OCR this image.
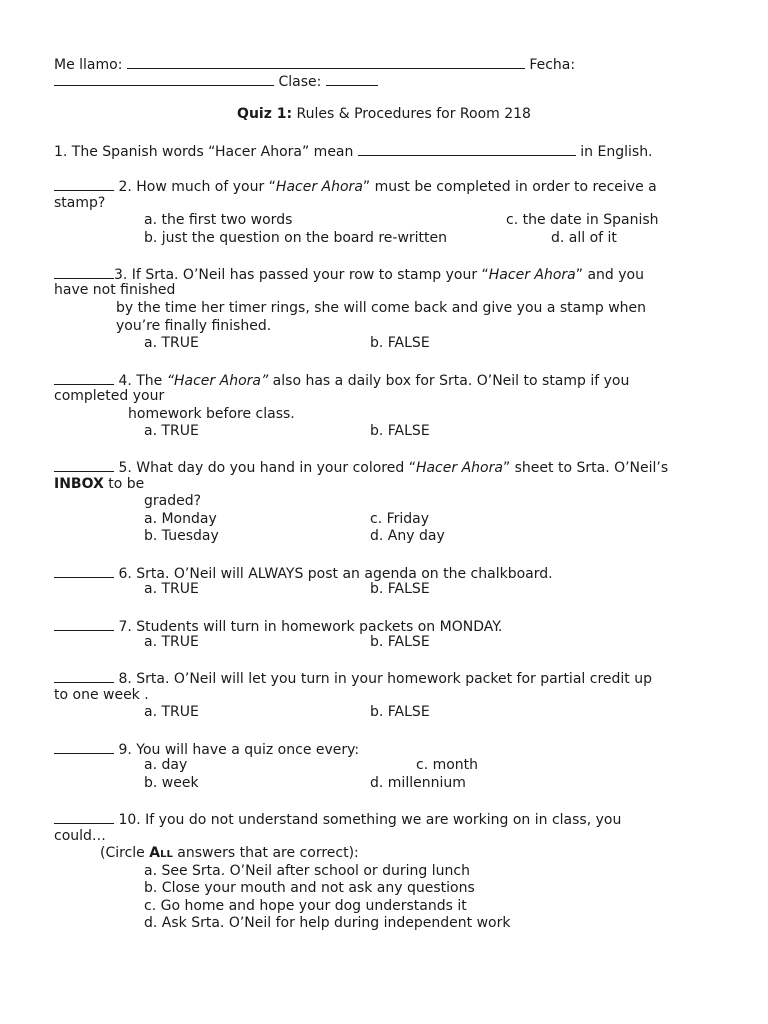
Me llamo:	Fecha:
Clase:
Quiz 1: Rules & Procedures for Room 218
1. The Spanish words “Hacer Ahora” mean	in English.
2. How much of your “Hacer Ahora” must be completed in order to receive a
stamp?
a. the first two words	c. the date in Spanish
b. just the question on the board re-written	d. all of it
3. If Srta. O’Neil has passed your row to stamp your “Hacer Ahora” and you
have not finished
by the time her timer rings, she will come back and give you a stamp when
you’re finally finished.
a. TRUE	b. FALSE
4. The “Hacer Ahora” also has a daily box for Srta. O’Neil to stamp if you
completed your
homework before class.
a. TRUE	b. FALSE
5. What day do you hand in your colored “Hacer Ahora” sheet to Srta. O’Neil’s
INBOX to be
graded?
a. Monday	c. Friday
b. Tuesday	d. Any day
6. Srta. O’Neil will ALWAYS post an agenda on the chalkboard.
a. TRUE	b. FALSE
7. Students will turn in homework packets on MONDAY.
a. TRUE	b. FALSE
8. Srta. O’Neil will let you turn in your homework packet for partial credit up
to one week .
a. TRUE	b. FALSE
9. You will have a quiz once every:
a. day	c. month
b. week	d. millennium
10. If you do not understand something we are working on in class, you
could…
(Circle All answers that are correct):
a. See Srta. O’Neil after school or during lunch
b. Close your mouth and not ask any questions
c. Go home and hope your dog understands it
d. Ask Srta. O’Neil for help during independent work
